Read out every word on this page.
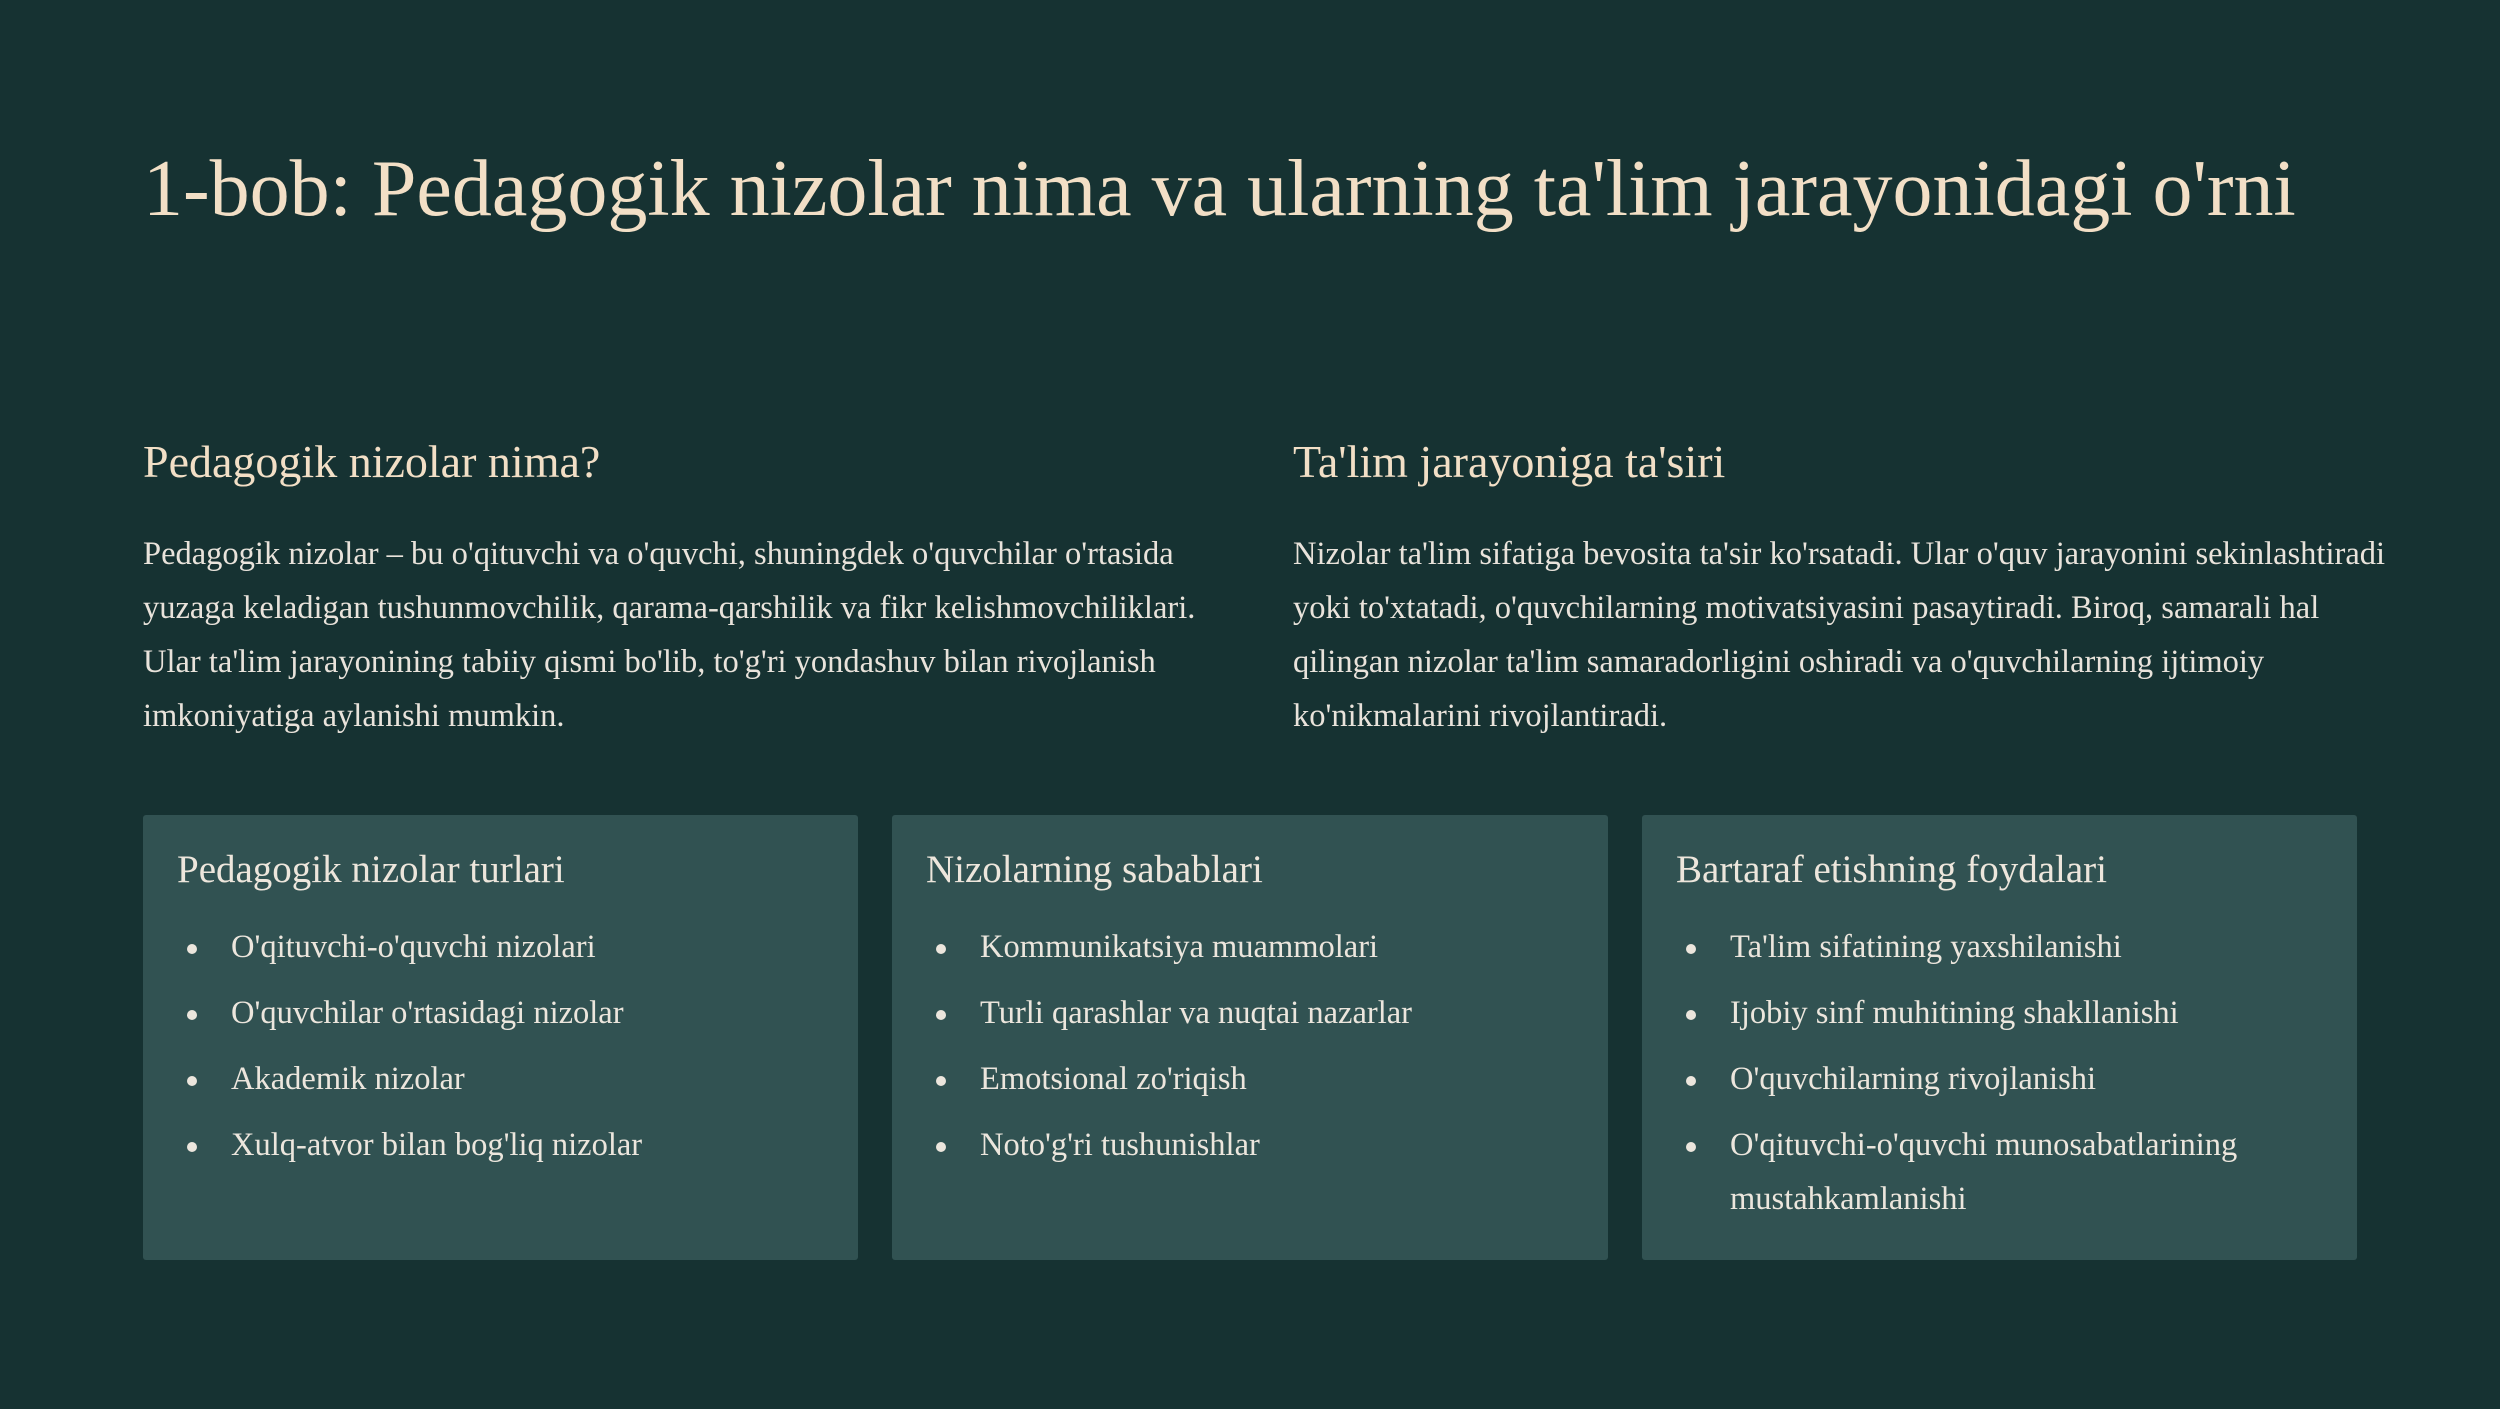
1-bob: Pedagogik nizolar nima va ularning ta'lim jarayonidagi o'rni
Pedagogik nizolar nima?

Pedagogik nizolar – bu o'qituvchi va o'quvchi, shuningdek o'quvchilar o'rtasida yuzaga keladigan tushunmovchilik, qarama-qarshilik va fikr kelishmovchiliklari. Ular ta'lim jarayonining tabiiy qismi bo'lib, to'g'ri yondashuv bilan rivojlanish imkoniyatiga aylanishi mumkin.

Ta'lim jarayoniga ta'siri

Nizolar ta'lim sifatiga bevosita ta'sir ko'rsatadi. Ular o'quv jarayonini sekinlashtiradi yoki to'xtatadi, o'quvchilarning motivatsiyasini pasaytiradi. Biroq, samarali hal qilingan nizolar ta'lim samaradorligini oshiradi va o'quvchilarning ijtimoiy ko'nikmalarini rivojlantiradi.

Pedagogik nizolar turlari
O'qituvchi-o'quvchi nizolari
O'quvchilar o'rtasidagi nizolar
Akademik nizolar
Xulq-atvor bilan bog'liq nizolar
Nizolarning sabablari
Kommunikatsiya muammolari
Turli qarashlar va nuqtai nazarlar
Emotsional zo'riqish
Noto'g'ri tushunishlar
Bartaraf etishning foydalari
Ta'lim sifatining yaxshilanishi
Ijobiy sinf muhitining shakllanishi
O'quvchilarning rivojlanishi
O'qituvchi-o'quvchi munosabatlarining mustahkamlanishi
